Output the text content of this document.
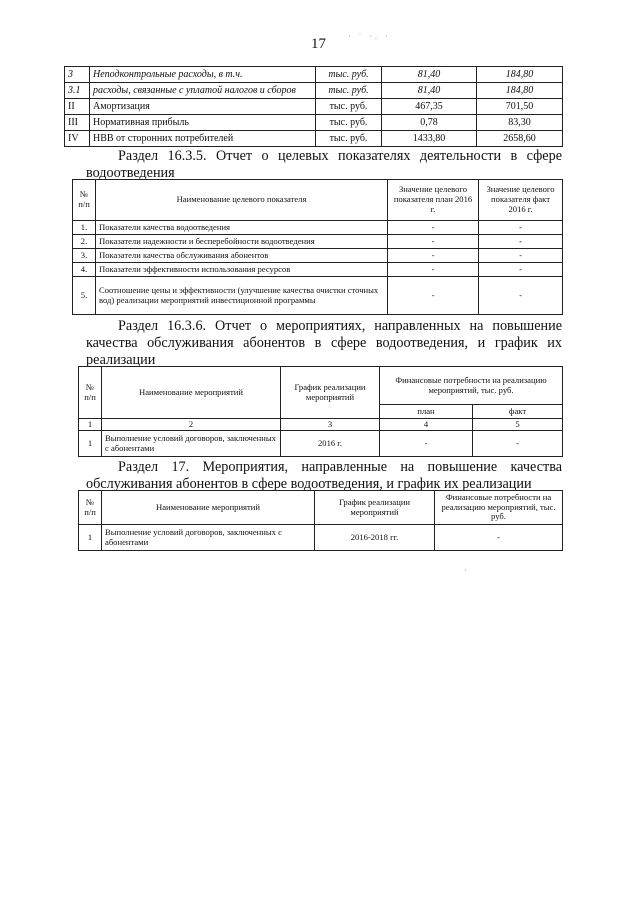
17	· ˙ ·. ·
3	Неподконтрольные расходы, в т.ч.	тыс. руб.	81,40	184,80
3.1	расходы, связанные с уплатой налогов и сборов	тыс. руб.	81,40	184,80
II	Амортизация	тыс. руб.	467,35	701,50
III	Нормативная прибыль	тыс. руб.	0,78	83,30
IV	НВВ от сторонних потребителей	тыс. руб.	1433,80	2658,60

Раздел 16.3.5. Отчет о целевых показателях деятельности в сфере водоотведения

№ п/п	Наименование целевого показателя	Значение целевого показателя план 2016 г.	Значение целевого показателя факт 2016 г.
1.	Показатели качества водоотведения	-	-
2.	Показатели надежности и бесперебойности водоотведения	-	-
3.	Показатели качества обслуживания абонентов	-	-
4.	Показатели эффективности использования ресурсов	-	-
5.	Соотношение цены и эффективности (улучшение качества очистки сточных вод) реализации мероприятий инвестиционной программы	-	-

Раздел 16.3.6. Отчет о мероприятиях, направленных на повышение качества обслуживания абонентов в сфере водоотведения, и график их реализации

№ п/п	Наименование мероприятий	График реализации мероприятий	Финансовые потребности на реализацию мероприятий, тыс. руб.	
			план	факт
1	2	3	4	5
1	Выполнение условий договоров, заключенных с абонентами	2016 г.	-	-

Раздел 17. Мероприятия, направленные на повышение качества обслуживания абонентов в сфере водоотведения, и график их реализации

№ п/п	Наименование мероприятий	График реализации мероприятий	Финансовые потребности на реализацию мероприятий, тыс. руб.
1	Выполнение условий договоров, заключенных с абонентами	2016-2018 гг.	-
·
